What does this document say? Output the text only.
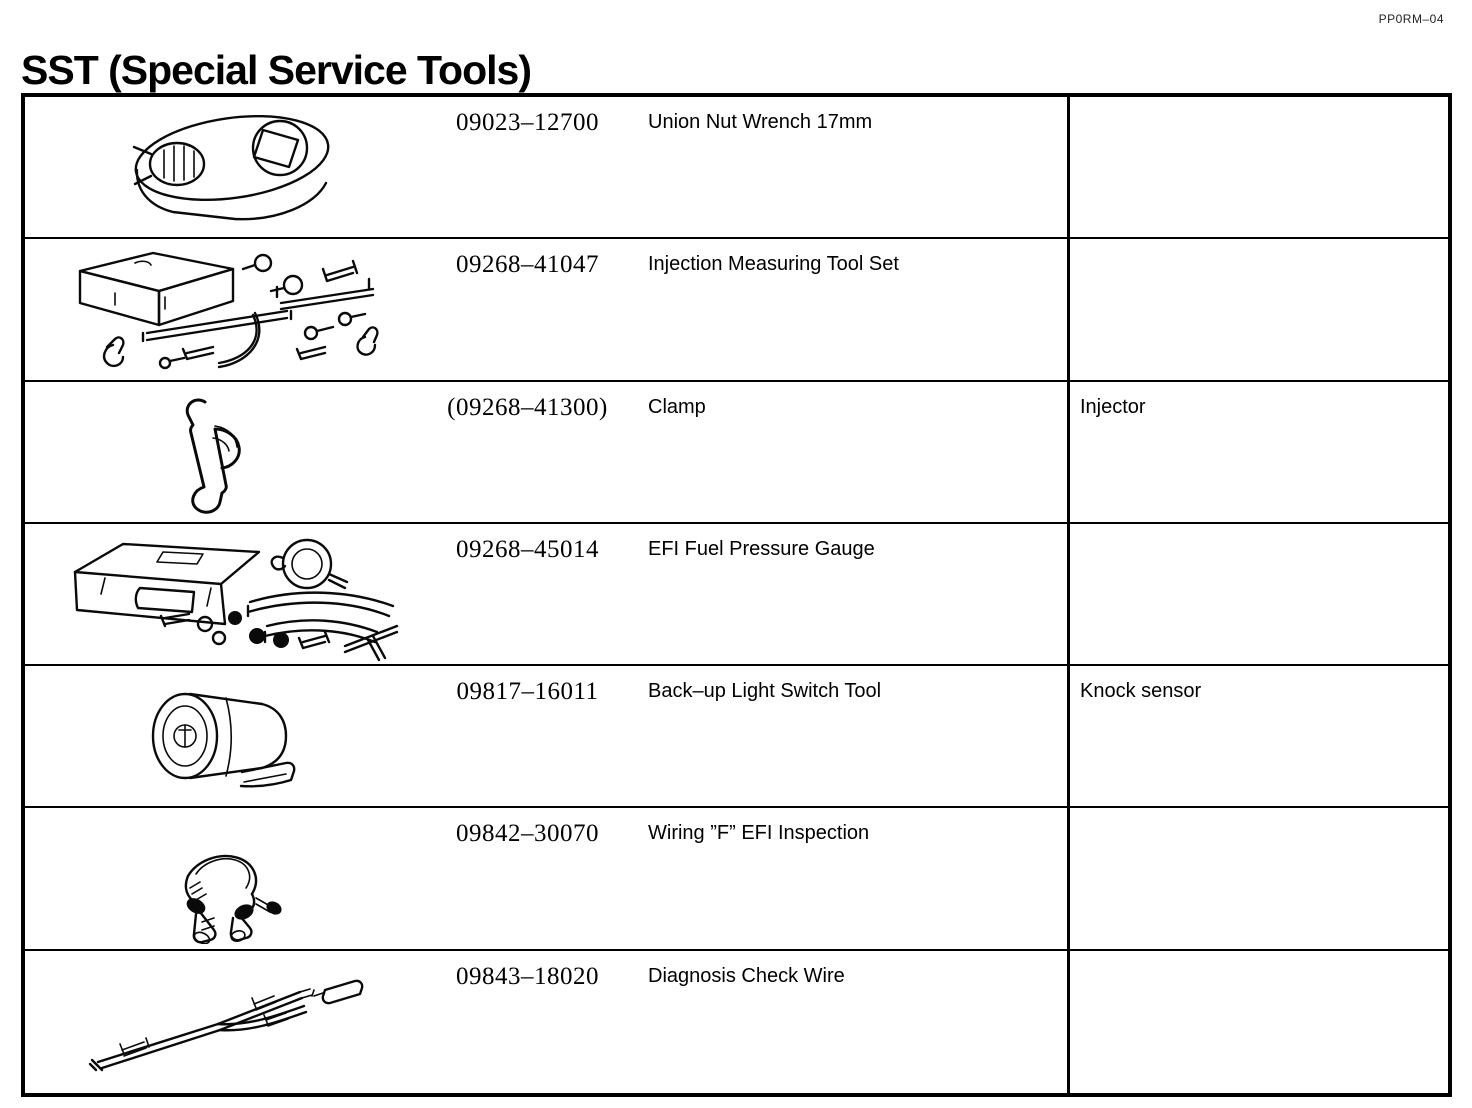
PP0RM–04
SST (Special Service Tools)
09023–12700	Union Nut Wrench 17mm
09268–41047	Injection Measuring Tool Set
(09268–41300)	Clamp	Injector
09268–45014	EFI Fuel Pressure Gauge
09817–16011	Back–up Light Switch Tool	Knock sensor
09842–30070	Wiring ”F” EFI Inspection
09843–18020	Diagnosis Check Wire
